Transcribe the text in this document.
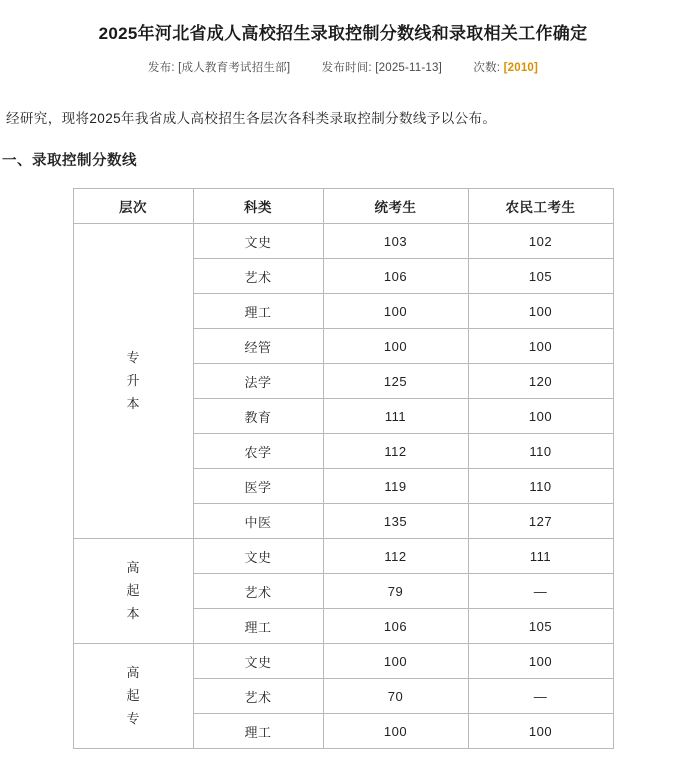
2025年河北省成人高校招生录取控制分数线和录取相关工作确定
发布: [成人教育考试招生部]	发布时间: [2025-11-13]	次数: [2010]

经研究，现将2025年我省成人高校招生各层次各科类录取控制分数线予以公布。

一、录取控制分数线
层次	科类	统考生	农民工考生
专升本	文史	103	102
	艺术	106	105
	理工	100	100
	经管	100	100
	法学	125	120
	教育	111	100
	农学	112	110
	医学	119	110
	中医	135	127
高起本	文史	112	111
	艺术	79	—
	理工	106	105
高起专	文史	100	100
	艺术	70	—
	理工	100	100
